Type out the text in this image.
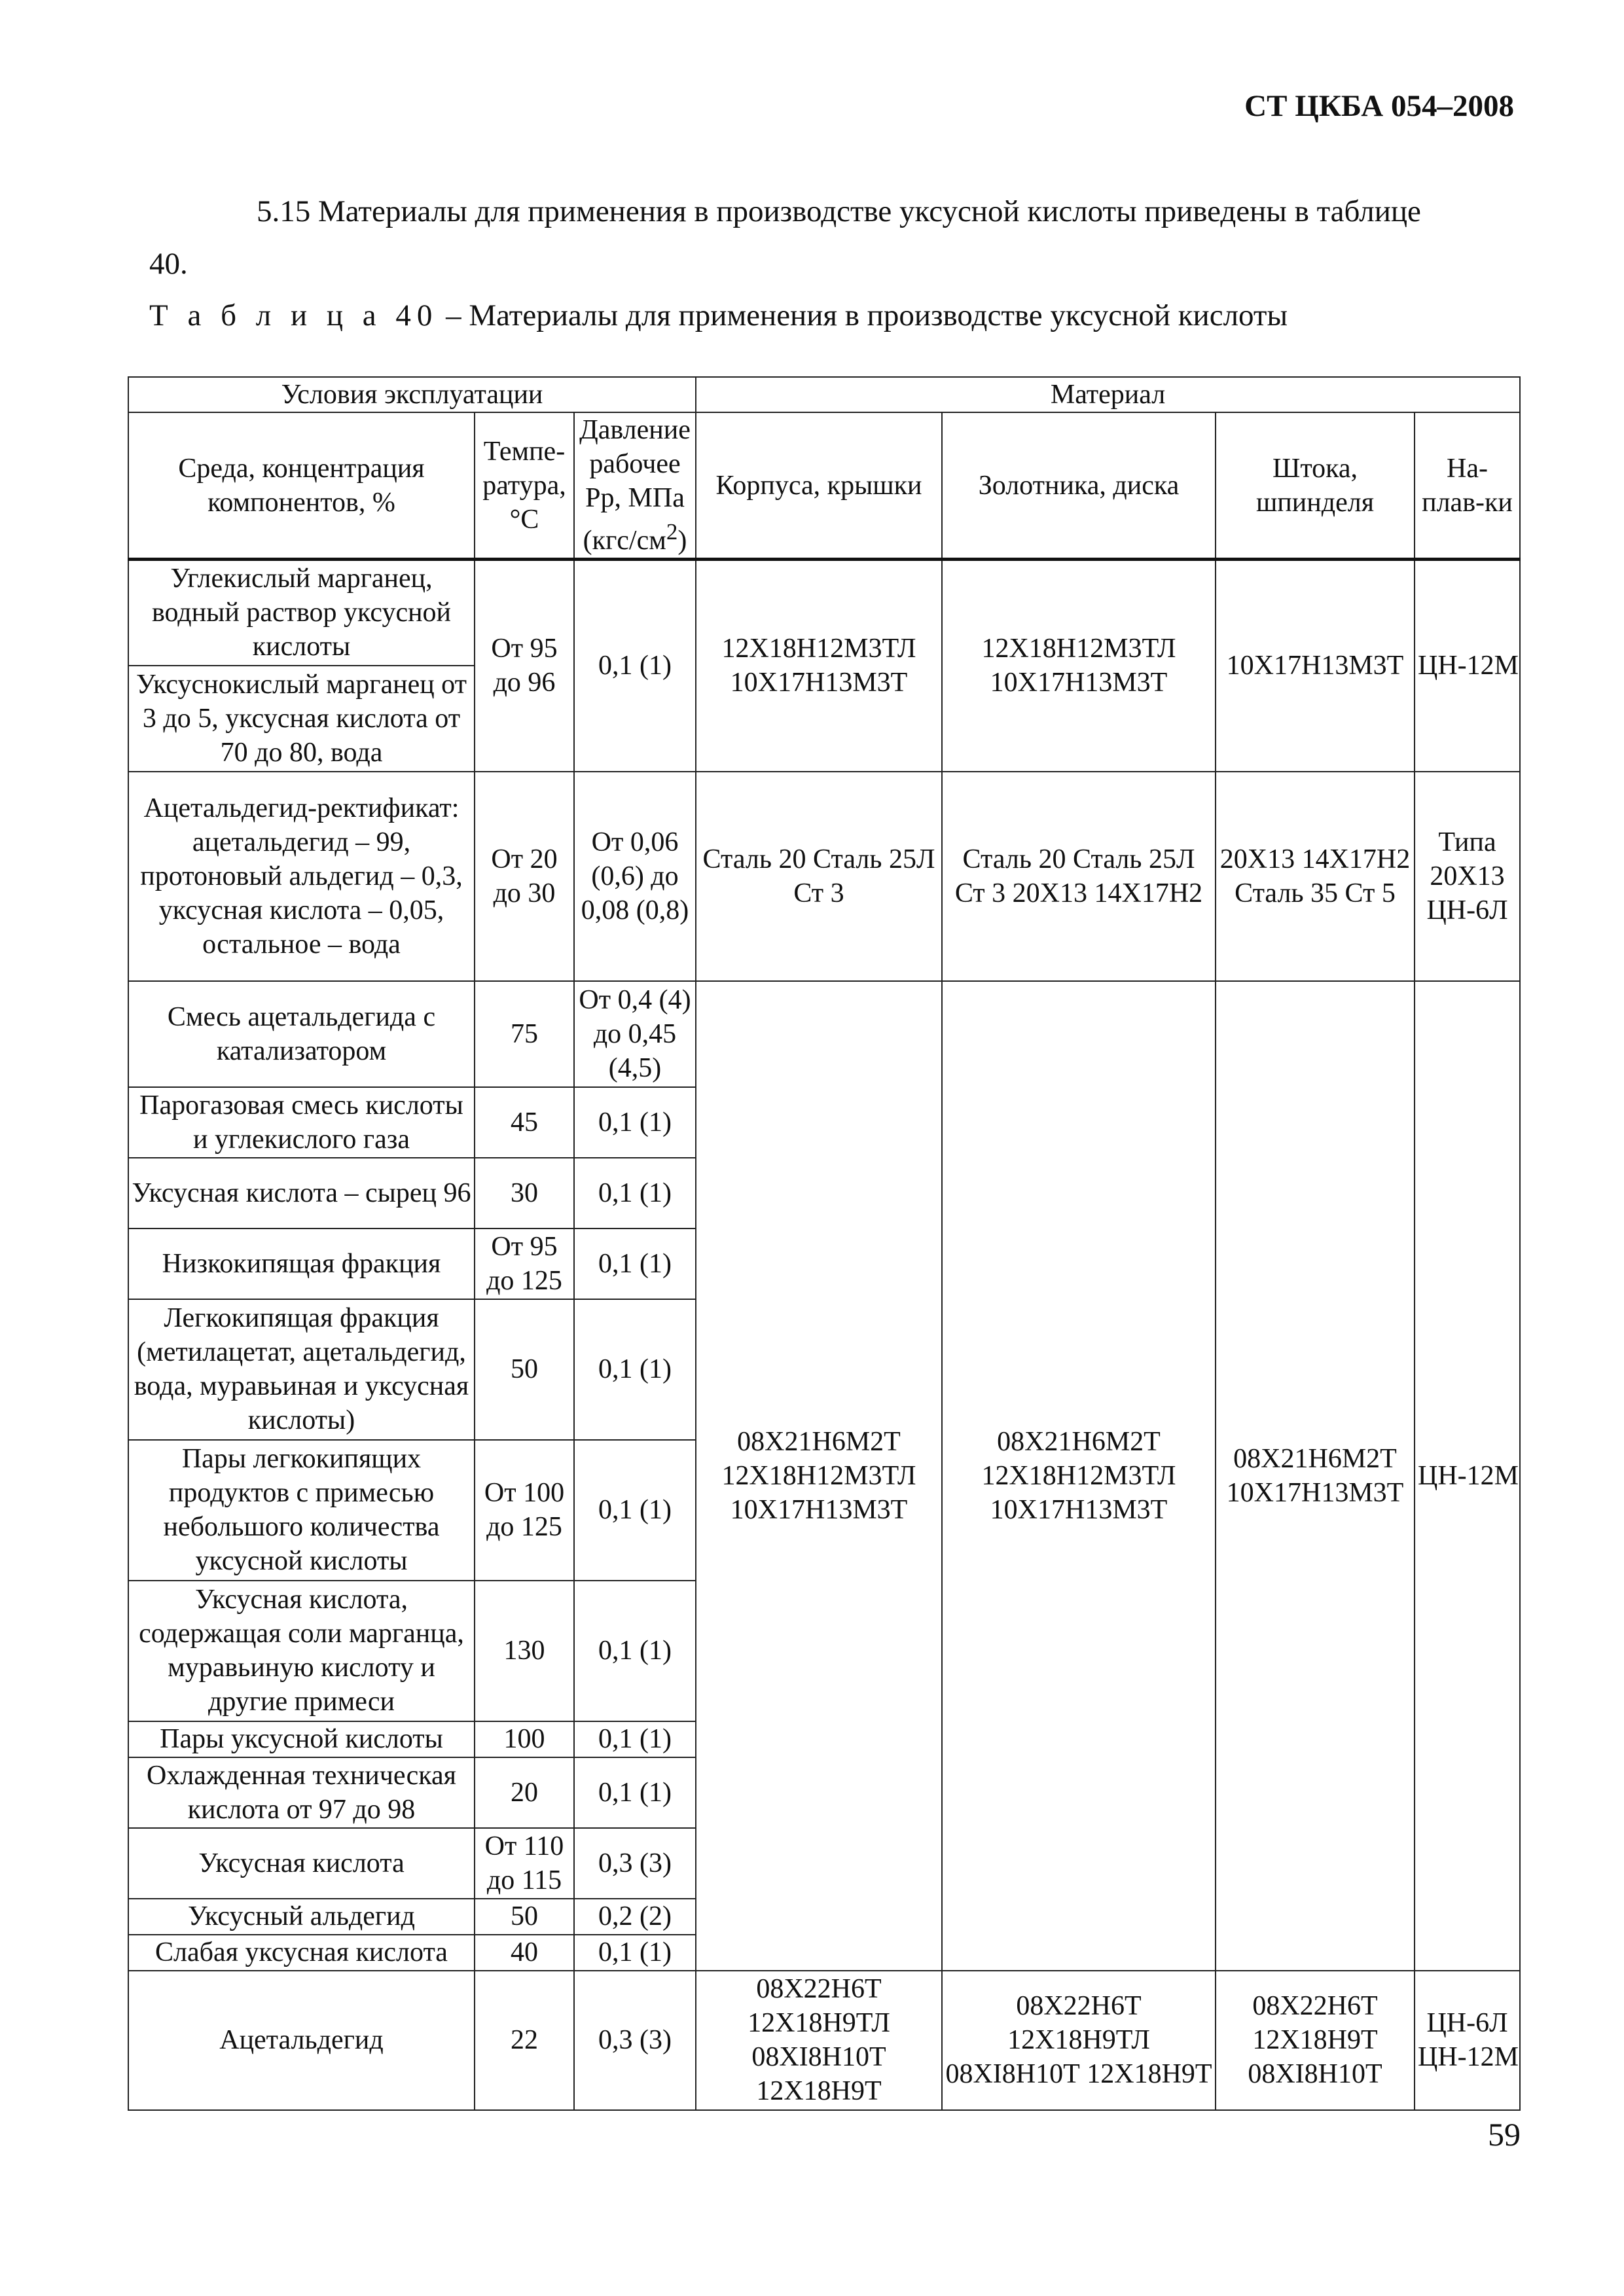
СТ ЦКБА 054–2008
5.15 Материалы для применения в производстве уксусной кислоты приведены в таблице
40.
Т а б л и ц а 40 – Материалы для применения в производстве уксусной кислоты
Условия эксплуатации			Материал			
Среда, концентрация компонентов, %	Темпе-ратура, °С	Давление рабочее Рр, МПа $(кгс/см^2)$	Корпуса, крышки	Золотника, диска	Штока, шпинделя	На-плав-ки
Углекислый марганец, водный раствор уксусной кислоты	От 95 до 96	0,1 (1)	12Х18Н12М3ТЛ 10Х17Н13М3Т	12Х18Н12М3ТЛ 10Х17Н13М3Т	10Х17Н13М3Т	ЦН-12М
Уксуснокислый марганец от 3 до 5, уксусная кислота от 70 до 80, вода						
Ацетальдегид-ректификат: ацетальдегид – 99, протоновый альдегид – 0,3, уксусная кислота – 0,05, остальное – вода	От 20 до 30	От 0,06 (0,6) до 0,08 (0,8)	Сталь 20 Сталь 25Л Ст 3	Сталь 20 Сталь 25Л Ст 3 20Х13 14Х17Н2	20Х13 14Х17Н2 Сталь 35 Ст 5	Типа 20Х13 ЦН-6Л
Смесь ацетальдегида с катализатором	75	От 0,4 (4) до 0,45 (4,5)	08Х21Н6М2Т 12Х18Н12М3ТЛ 10Х17Н13М3Т	08Х21Н6М2Т 12Х18Н12М3ТЛ 10Х17Н13М3Т	08Х21Н6М2Т 10Х17Н13М3Т	ЦН-12М
Парогазовая смесь кислоты и углекислого газа	45	0,1 (1)				
Уксусная кислота – сырец 96	30	0,1 (1)				
Низкокипящая фракция	От 95 до 125	0,1 (1)				
Легкокипящая фракция (метилацетат, ацетальдегид, вода, муравьиная и уксусная кислоты)	50	0,1 (1)				
Пары легкокипящих продуктов с примесью небольшого количества уксусной кислоты	От 100 до 125	0,1 (1)				
Уксусная кислота, содержащая соли марганца, муравьиную кислоту и другие примеси	130	0,1 (1)				
Пары уксусной кислоты	100	0,1 (1)				
Охлажденная техническая кислота от 97 до 98	20	0,1 (1)				
Уксусная кислота	От 110 до 115	0,3 (3)				
Уксусный альдегид	50	0,2 (2)				
Слабая уксусная кислота	40	0,1 (1)				
Ацетальдегид	22	0,3 (3)	08Х22Н6Т 12Х18Н9ТЛ 08ХI8Н10Т 12Х18Н9Т	08Х22Н6Т 12Х18Н9ТЛ 08ХI8Н10Т 12Х18Н9Т	08Х22Н6Т 12Х18Н9Т 08ХI8Н10Т	ЦН-6Л ЦН-12М
59
